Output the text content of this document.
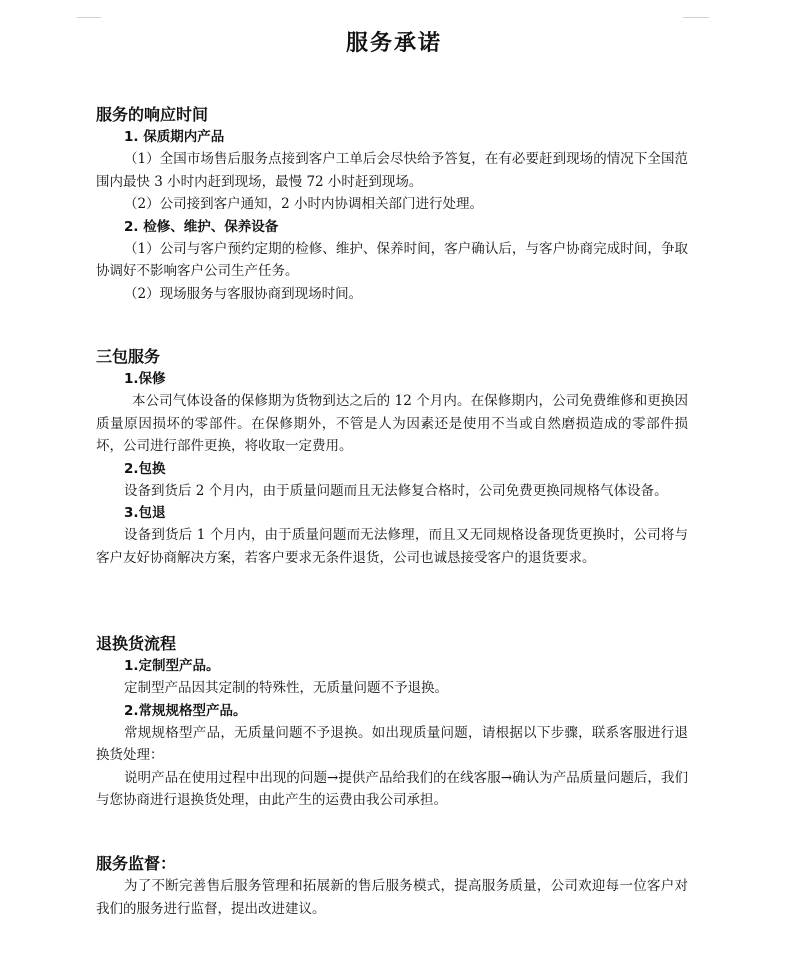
服务承诺
服务的响应时间
1. 保质期内产品

（1）全国市场售后服务点接到客户工单后会尽快给予答复，在有必要赶到现场的情况下全国范围内最快 3 小时内赶到现场，最慢 72 小时赶到现场。

（2）公司接到客户通知，2 小时内协调相关部门进行处理。
2. 检修、维护、保养设备

（1）公司与客户预约定期的检修、维护、保养时间，客户确认后，与客户协商完成时间，争取协调好不影响客户公司生产任务。

（2）现场服务与客服协商到现场时间。
三包服务
1.保修

本公司气体设备的保修期为货物到达之后的 12 个月内。在保修期内，公司免费维修和更换因质量原因损坏的零部件。在保修期外，不管是人为因素还是使用不当或自然磨损造成的零部件损坏，公司进行部件更换，将收取一定费用。

2.包换

设备到货后 2 个月内，由于质量问题而且无法修复合格时，公司免费更换同规格气体设备。

3.包退

设备到货后 1 个月内，由于质量问题而无法修理，而且又无同规格设备现货更换时，公司将与客户友好协商解决方案，若客户要求无条件退货，公司也诚恳接受客户的退货要求。

退换货流程
1.定制型产品。
定制型产品因其定制的特殊性，无质量问题不予退换。
2.常规规格型产品。

常规规格型产品，无质量问题不予退换。如出现质量问题，请根据以下步骤，联系客服进行退换货处理：

说明产品在使用过程中出现的问题→提供产品给我们的在线客服→确认为产品质量问题后，我们与您协商进行退换货处理，由此产生的运费由我公司承担。

服务监督：

为了不断完善售后服务管理和拓展新的售后服务模式，提高服务质量，公司欢迎每一位客户对我们的服务进行监督，提出改进建议。
